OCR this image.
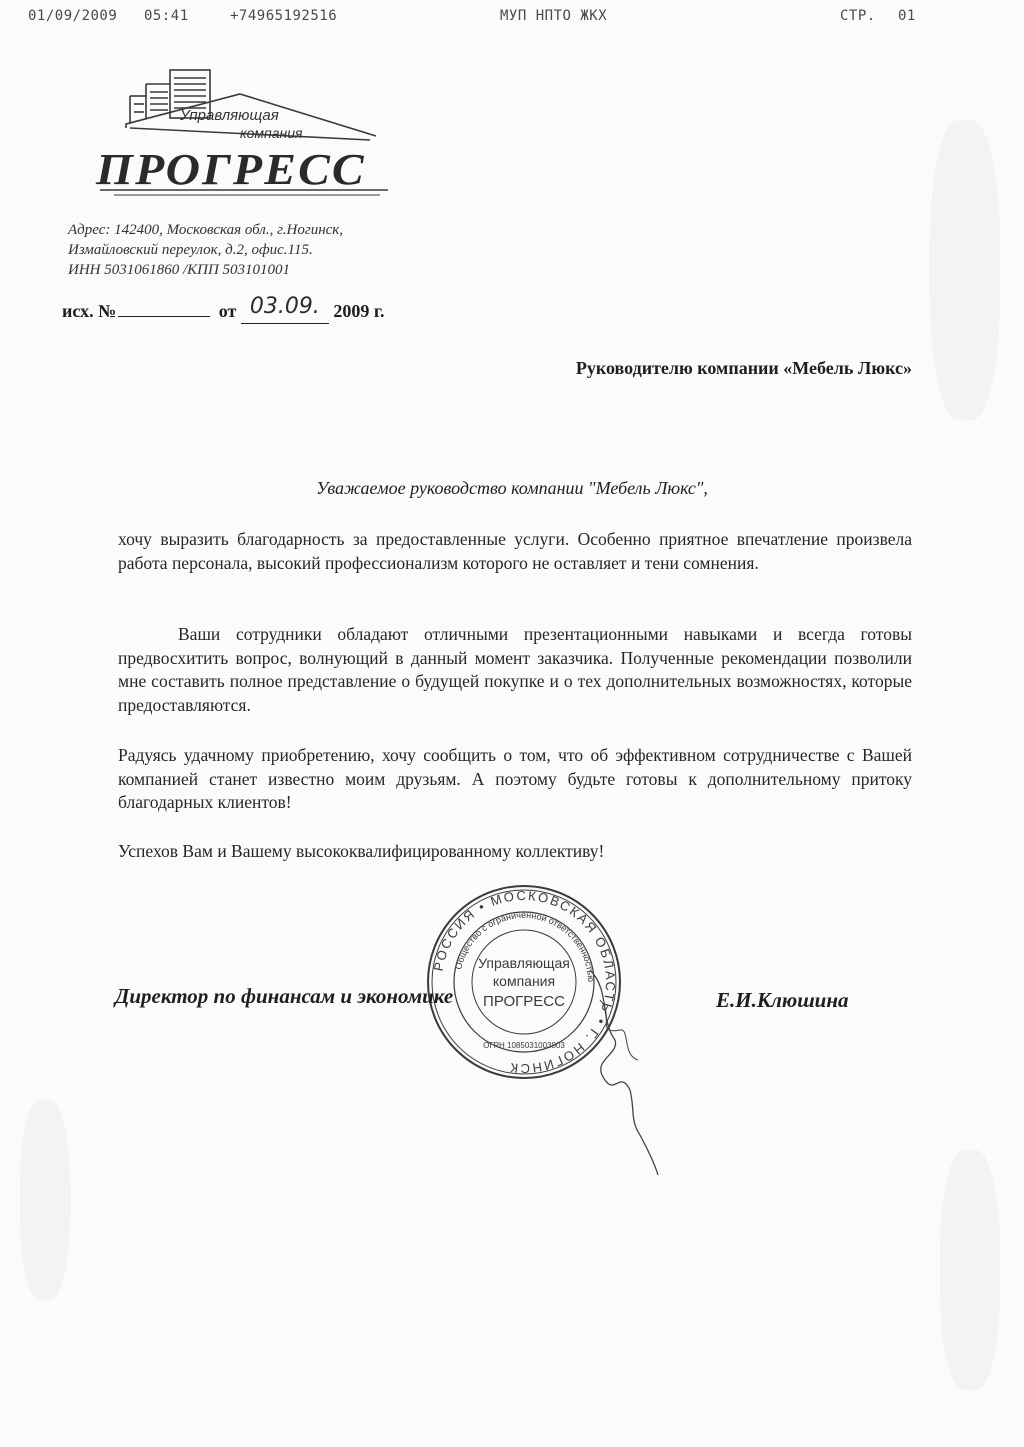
01/09/2009 05:41	+74965192516	МУП НПТО ЖКХ	СТР. 01
Управляющая
компания
ПРОГРЕСС
Адрес: 142400, Московская обл., г.Ногинск,
Измайловский переулок, д.2, офис.115.
ИНН 5031061860 /КПП 503101001
исх. №	от 03.09. 2009 г.
Руководителю компании «Мебель Люкс»
Уважаемое руководство компании "Мебель Люкс",
хочу выразить благодарность за предоставленные услуги. Особенно приятное впечатление произвела работа персонала, высокий профессионализм которого не оставляет и тени сомнения.
Ваши сотрудники обладают отличными презентационными навыками и всегда готовы предвосхитить вопрос, волнующий в данный момент заказчика. Полученные рекомендации позволили мне составить полное представление о будущей покупке и о тех дополнительных возможностях, которые предоставляются.
Радуясь удачному приобретению, хочу сообщить о том, что об эффективном сотрудничестве с Вашей компанией станет известно моим друзьям. А поэтому будьте готовы к дополнительному притоку благодарных клиентов!
Успехов Вам и Вашему высококвалифицированному коллективу!
РОССИЯ • МОСКОВСКАЯ ОБЛАСТЬ • Г. НОГИНСК
Общество с ограниченной ответственностью
Управляющая
компания
ПРОГРЕСС
ОГРН 1085031003803
Директор по финансам и экономике	Е.И.Клюшина
